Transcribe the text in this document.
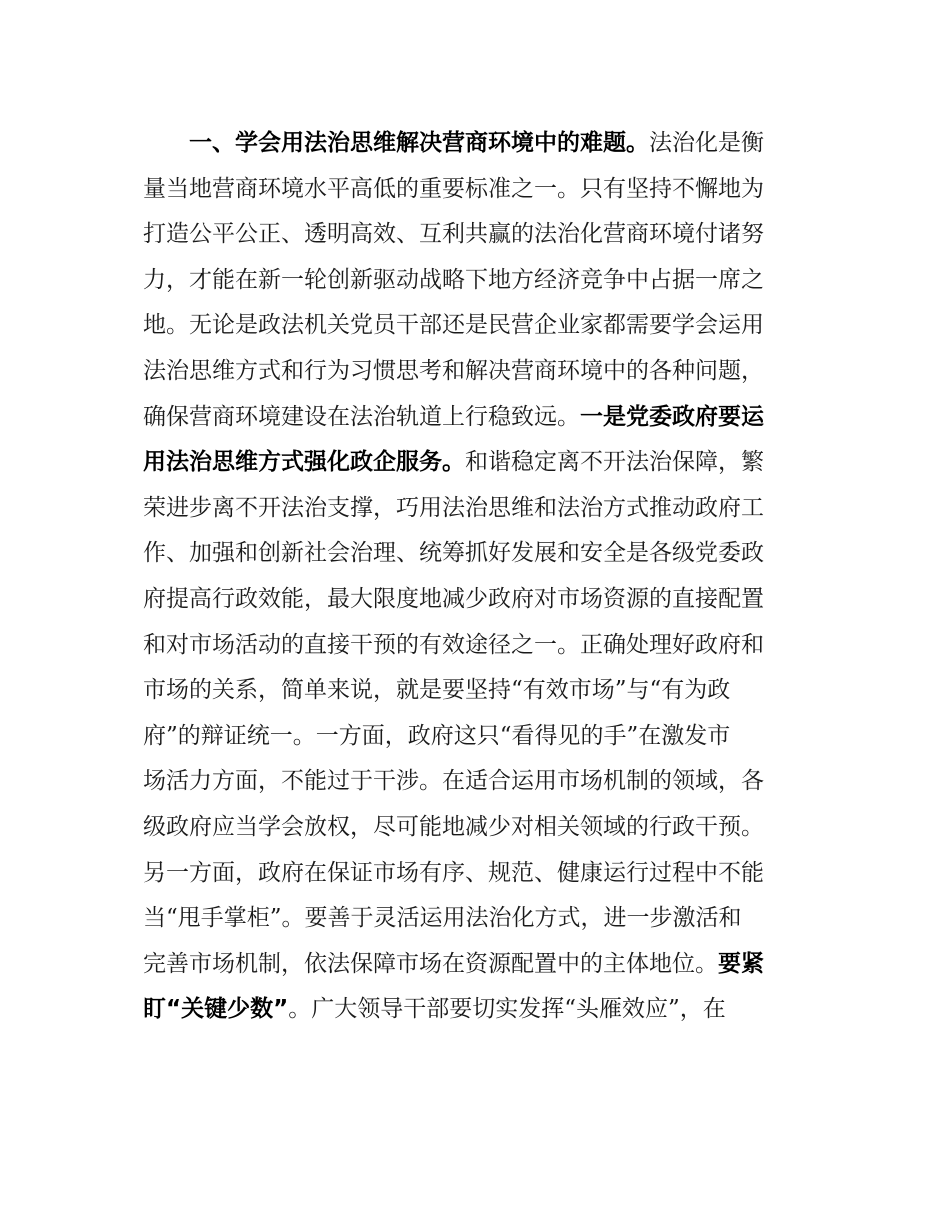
一、学会用法治思维解决营商环境中的难题。法治化是衡
量当地营商环境水平高低的重要标准之一。只有坚持不懈地为
打造公平公正、透明高效、互利共赢的法治化营商环境付诸努
力，才能在新一轮创新驱动战略下地方经济竞争中占据一席之
地。无论是政法机关党员干部还是民营企业家都需要学会运用
法治思维方式和行为习惯思考和解决营商环境中的各种问题，
确保营商环境建设在法治轨道上行稳致远。一是党委政府要运
用法治思维方式强化政企服务。和谐稳定离不开法治保障，繁
荣进步离不开法治支撑，巧用法治思维和法治方式推动政府工
作、加强和创新社会治理、统筹抓好发展和安全是各级党委政
府提高行政效能，最大限度地减少政府对市场资源的直接配置
和对市场活动的直接干预的有效途径之一。正确处理好政府和
市场的关系，简单来说，就是要坚持“有效市场”与“有为政
府”的辩证统一。一方面，政府这只“看得见的手”在激发市
场活力方面，不能过于干涉。在适合运用市场机制的领域，各
级政府应当学会放权，尽可能地减少对相关领域的行政干预。
另一方面，政府在保证市场有序、规范、健康运行过程中不能
当“甩手掌柜”。要善于灵活运用法治化方式，进一步激活和
完善市场机制，依法保障市场在资源配置中的主体地位。要紧
盯“关键少数”。广大领导干部要切实发挥“头雁效应”，在
